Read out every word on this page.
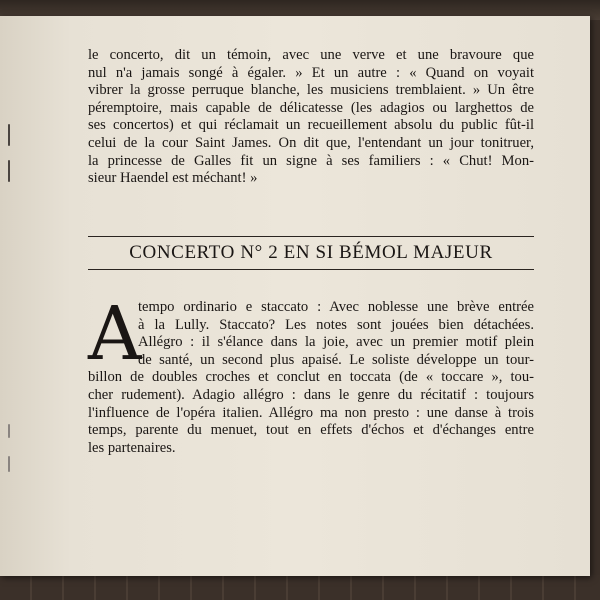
le concerto, dit un témoin, avec une verve et une bravoure que
nul n'a jamais songé à égaler. » Et un autre : « Quand on voyait
vibrer la grosse perruque blanche, les musiciens tremblaient. » Un être
péremptoire, mais capable de délicatesse (les adagios ou larghettos de
ses concertos) et qui réclamait un recueillement absolu du public fût-il
celui de la cour Saint James. On dit que, l'entendant un jour tonitruer,
la princesse de Galles fit un signe à ses familiers : « Chut! Mon-
sieur Haendel est méchant! »
CONCERTO N° 2 EN SI BÉMOL MAJEUR
A
tempo ordinario e staccato : Avec noblesse une brève entrée
à la Lully. Staccato? Les notes sont jouées bien détachées.
Allégro : il s'élance dans la joie, avec un premier motif plein
de santé, un second plus apaisé. Le soliste développe un tour-
billon de doubles croches et conclut en toccata (de « toccare », tou-
cher rudement). Adagio allégro : dans le genre du récitatif : toujours
l'influence de l'opéra italien. Allégro ma non presto : une danse à trois
temps, parente du menuet, tout en effets d'échos et d'échanges entre
les partenaires.
